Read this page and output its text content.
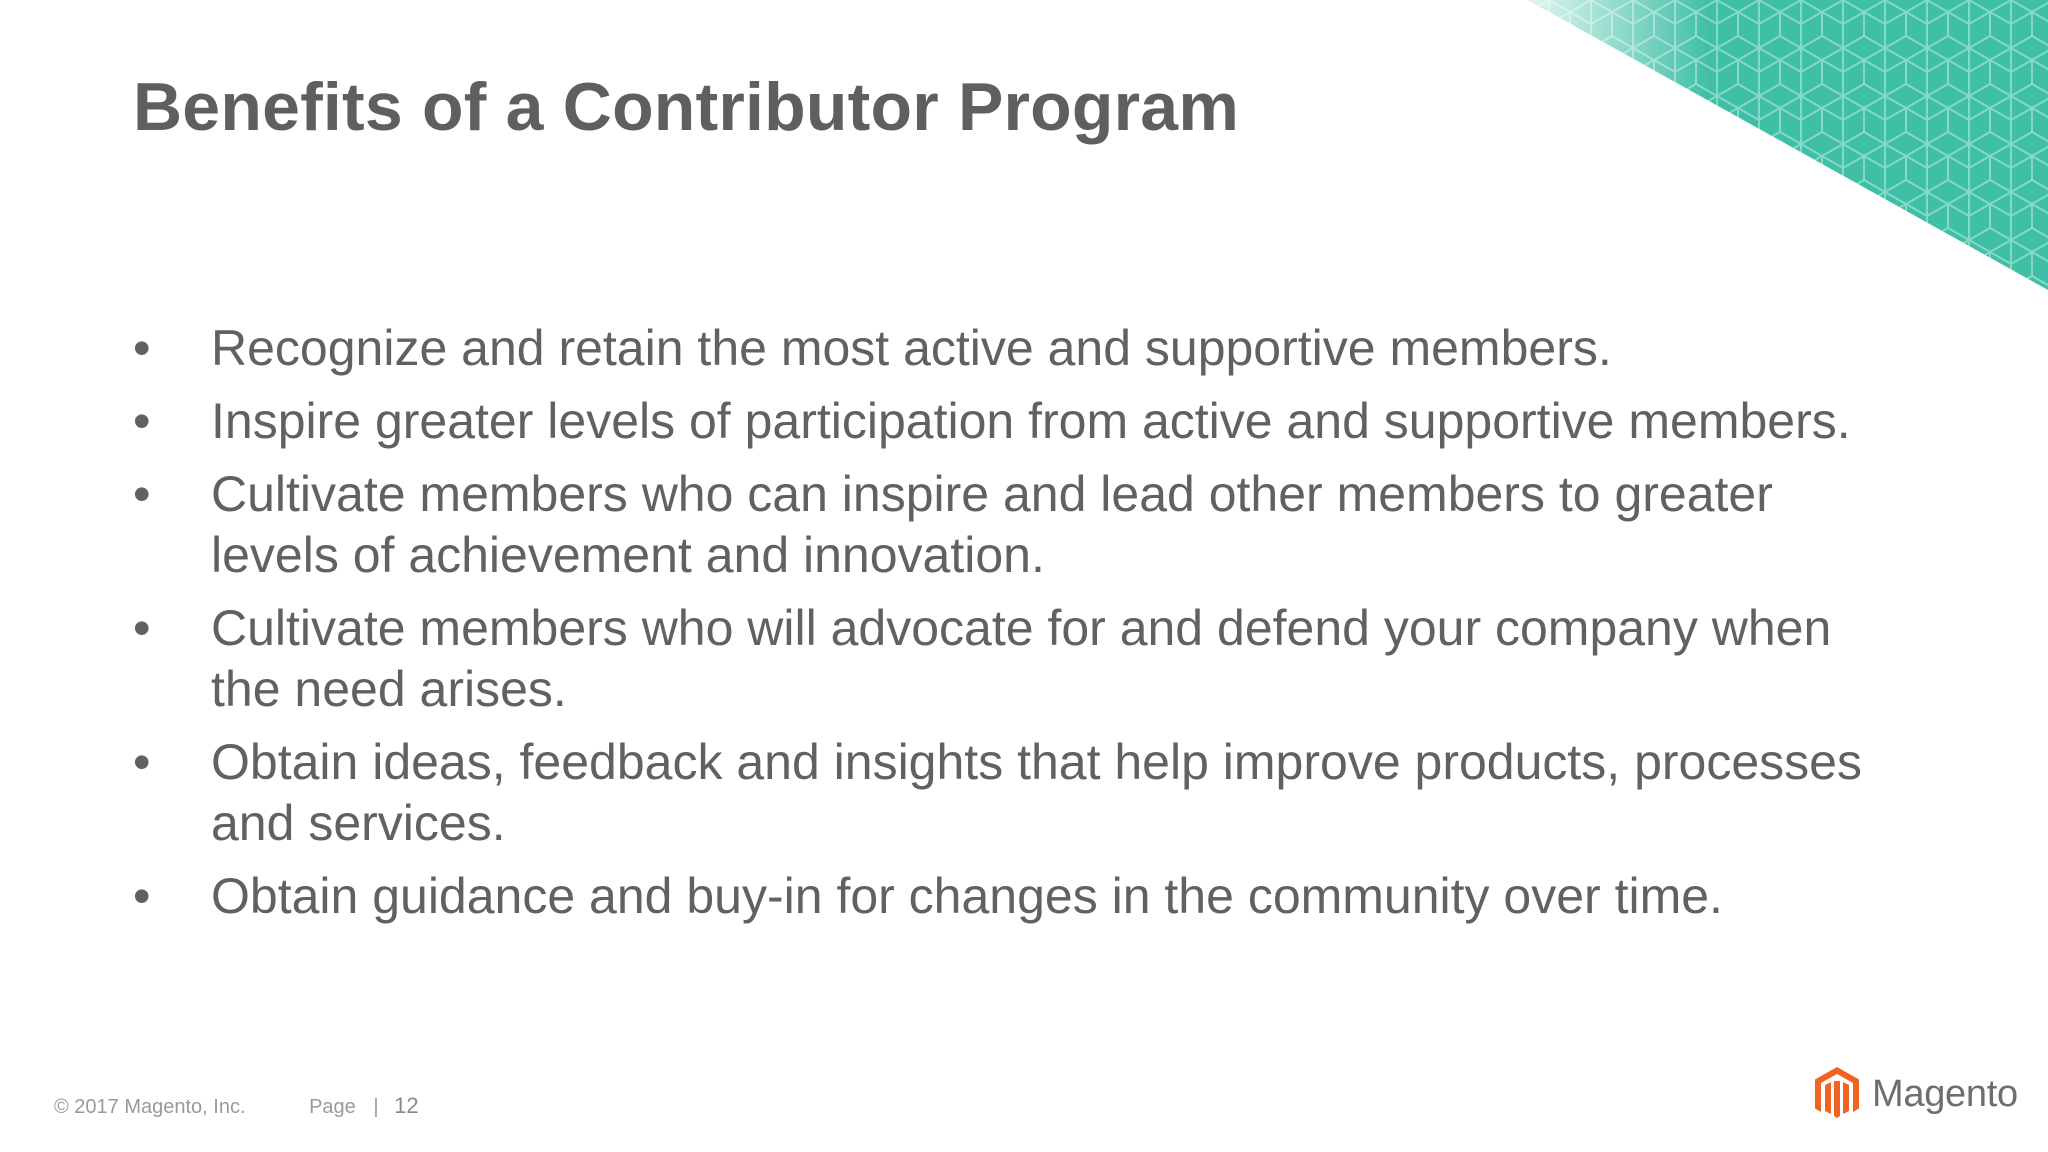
Benefits of a Contributor Program
•	Recognize and retain the most active and supportive members.
•	Inspire greater levels of participation from active and supportive members.
•	Cultivate members who can inspire and lead other members to greater levels of achievement and innovation.
•	Cultivate members who will advocate for and defend your company when the need arises.
•	Obtain ideas, feedback and insights that help improve products, processes and services.
•	Obtain guidance and buy-in for changes in the community over time.
© 2017 Magento, Inc.	Page | 12	Magento
